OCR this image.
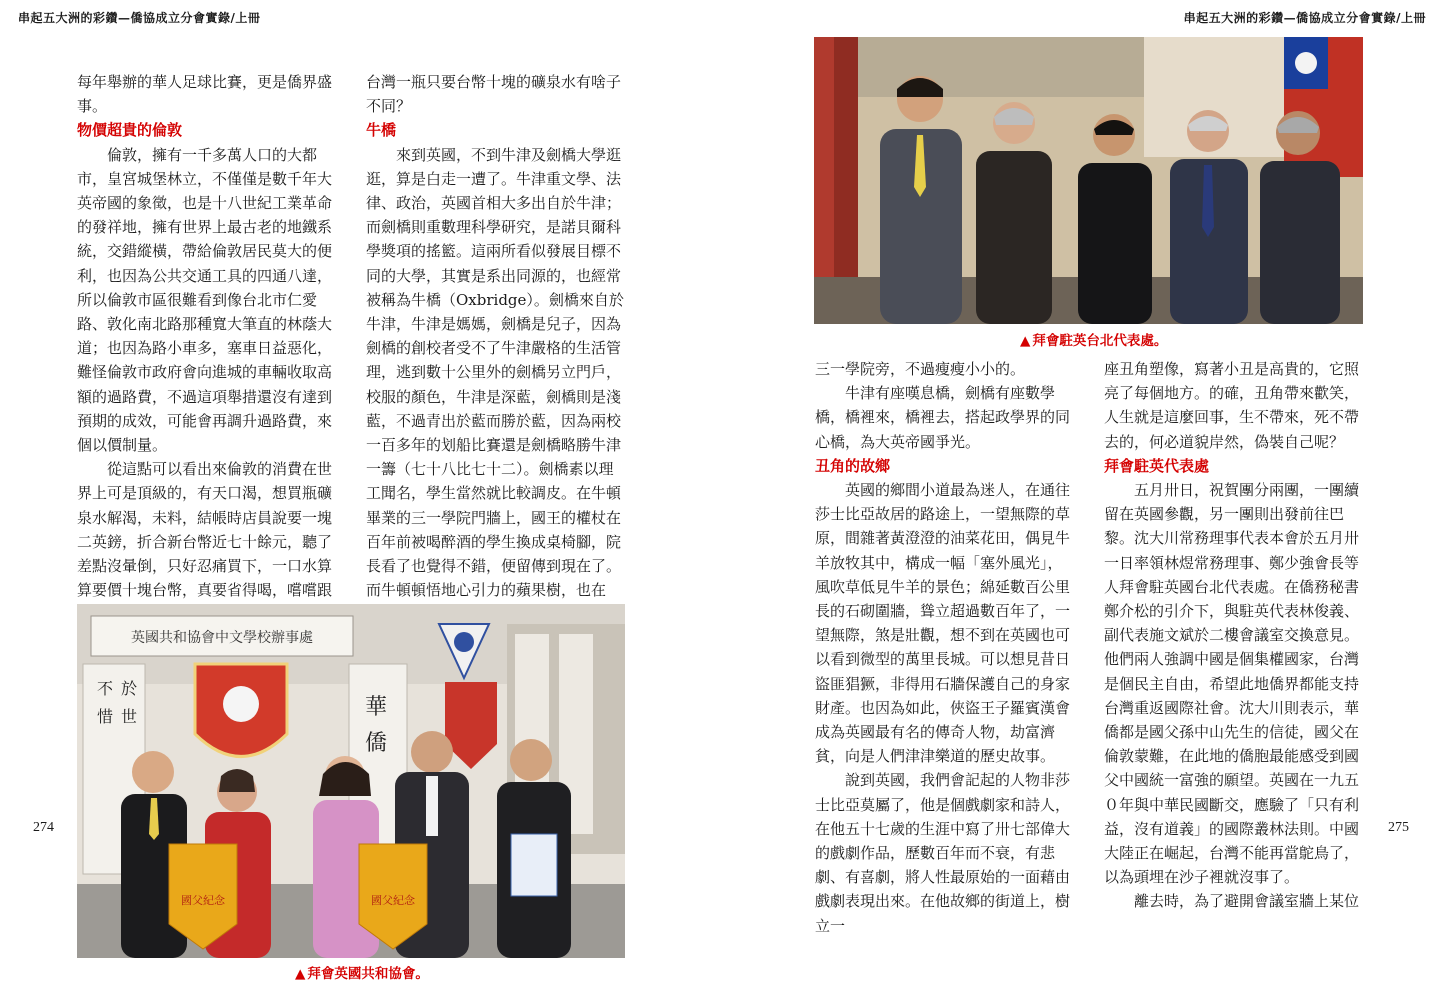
串起五大洲的彩鑽—僑協成立分會實錄/上冊

每年舉辦的華人足球比賽，更是僑界盛事。

物價超貴的倫敦

倫敦，擁有一千多萬人口的大都市，皇宮城堡林立，不僅僅是數千年大英帝國的象徵，也是十八世紀工業革命的發祥地，擁有世界上最古老的地鐵系統，交錯縱橫，帶給倫敦居民莫大的便利，也因為公共交通工具的四通八達，所以倫敦市區很難看到像台北市仁愛路、敦化南北路那種寬大筆直的林蔭大道；也因為路小車多，塞車日益惡化，難怪倫敦市政府會向進城的車輛收取高額的過路費，不過這項舉措還沒有達到預期的成效，可能會再調升過路費，來個以價制量。

從這點可以看出來倫敦的消費在世界上可是頂級的，有天口渴，想買瓶礦泉水解渴，未料，結帳時店員說要一塊二英鎊，折合新台幣近七十餘元，聽了差點沒暈倒，只好忍痛買下，一口水算算要價十塊台幣，真要省得喝，嚐嚐跟

台灣一瓶只要台幣十塊的礦泉水有啥子不同？

牛橋

來到英國，不到牛津及劍橋大學逛逛，算是白走一遭了。牛津重文學、法律、政治，英國首相大多出自於牛津；而劍橋則重數理科學研究，是諾貝爾科學獎項的搖籃。這兩所看似發展目標不同的大學，其實是系出同源的，也經常被稱為牛橋（Oxbridge）。劍橋來自於牛津，牛津是媽媽，劍橋是兒子，因為劍橋的創校者受不了牛津嚴格的生活管理，逃到數十公里外的劍橋另立門戶，校服的顏色，牛津是深藍，劍橋則是淺藍，不過青出於藍而勝於藍，因為兩校一百多年的划船比賽還是劍橋略勝牛津一籌（七十八比七十二）。劍橋素以理工聞名，學生當然就比較調皮。在牛頓畢業的三一學院門牆上，國王的權杖在百年前被喝醉酒的學生換成桌椅腳，院長看了也覺得不錯，便留傳到現在了。而牛頓頓悟地心引力的蘋果樹，也在

英國共和協會中文學校辦事處
不
惜
於
世	華
僑
國父紀念	國父紀念
▲ 拜會英國共和協會。
274
串起五大洲的彩鑽—僑協成立分會實錄/上冊
▲ 拜會駐英台北代表處。

三一學院旁，不過瘦瘦小小的。

牛津有座嘆息橋，劍橋有座數學橋，橋裡來，橋裡去，搭起政學界的同心橋，為大英帝國爭光。

丑角的故鄉

英國的鄉間小道最為迷人，在通往莎士比亞故居的路途上，一望無際的草原，間雜著黃澄澄的油菜花田，偶見牛羊放牧其中，構成一幅「塞外風光」，風吹草低見牛羊的景色；綿延數百公里長的石砌圍牆，聳立超過數百年了，一望無際，煞是壯觀，想不到在英國也可以看到微型的萬里長城。可以想見昔日盜匪猖獗，非得用石牆保護自己的身家財產。也因為如此，俠盜王子羅賓漢會成為英國最有名的傳奇人物，劫富濟貧，向是人們津津樂道的歷史故事。

說到英國，我們會記起的人物非莎士比亞莫屬了，他是個戲劇家和詩人，在他五十七歲的生涯中寫了卅七部偉大的戲劇作品，歷數百年而不衰，有悲劇、有喜劇，將人性最原始的一面藉由戲劇表現出來。在他故鄉的街道上，樹立一

座丑角塑像，寫著小丑是高貴的，它照亮了每個地方。的確，丑角帶來歡笑，人生就是這麼回事，生不帶來，死不帶去的，何必道貌岸然，偽裝自己呢？

拜會駐英代表處

五月卅日，祝賀團分兩團，一團續留在英國參觀，另一團則出發前往巴黎。沈大川常務理事代表本會於五月卅一日率領林煜常務理事、鄭少強會長等人拜會駐英國台北代表處。在僑務秘書鄭介松的引介下，與駐英代表林俊義、副代表施文斌於二樓會議室交換意見。他們兩人強調中國是個集權國家，台灣是個民主自由，希望此地僑界都能支持台灣重返國際社會。沈大川則表示，華僑都是國父孫中山先生的信徒，國父在倫敦蒙難，在此地的僑胞最能感受到國父中國統一富強的願望。英國在一九五０年與中華民國斷交，應驗了「只有利益，沒有道義」的國際叢林法則。中國大陸正在崛起，台灣不能再當鴕鳥了，以為頭埋在沙子裡就沒事了。

離去時，為了避開會議室牆上某位

275
